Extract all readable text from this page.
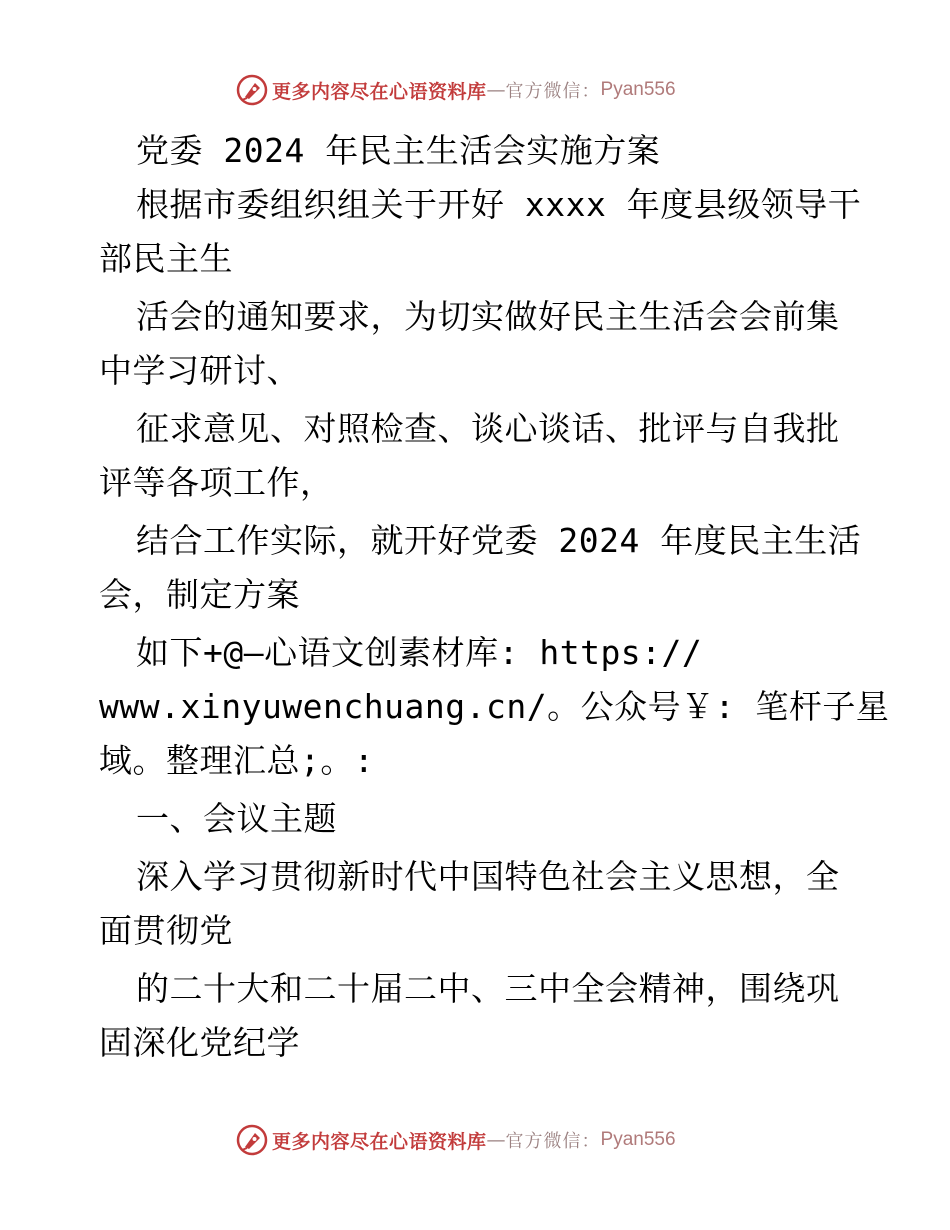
更多内容尽在心语资料库 — 官方微信： Pyan556
党委 2024 年民主生活会实施方案
根据市委组织组关于开好 xxxx 年度县级领导干
部民主生
活会的通知要求，为切实做好民主生活会会前集
中学习研讨、
征求意见、对照检查、谈心谈话、批评与自我批
评等各项工作，
结合工作实际，就开好党委 2024 年度民主生活
会，制定方案
如下+@—心语文创素材库: https://
www.xinyuwenchuang.cn/。公众号￥: 笔杆子星
域。整理汇总;。:
一、会议主题
深入学习贯彻新时代中国特色社会主义思想，全
面贯彻党
的二十大和二十届二中、三中全会精神，围绕巩
固深化党纪学
更多内容尽在心语资料库 — 官方微信： Pyan556
